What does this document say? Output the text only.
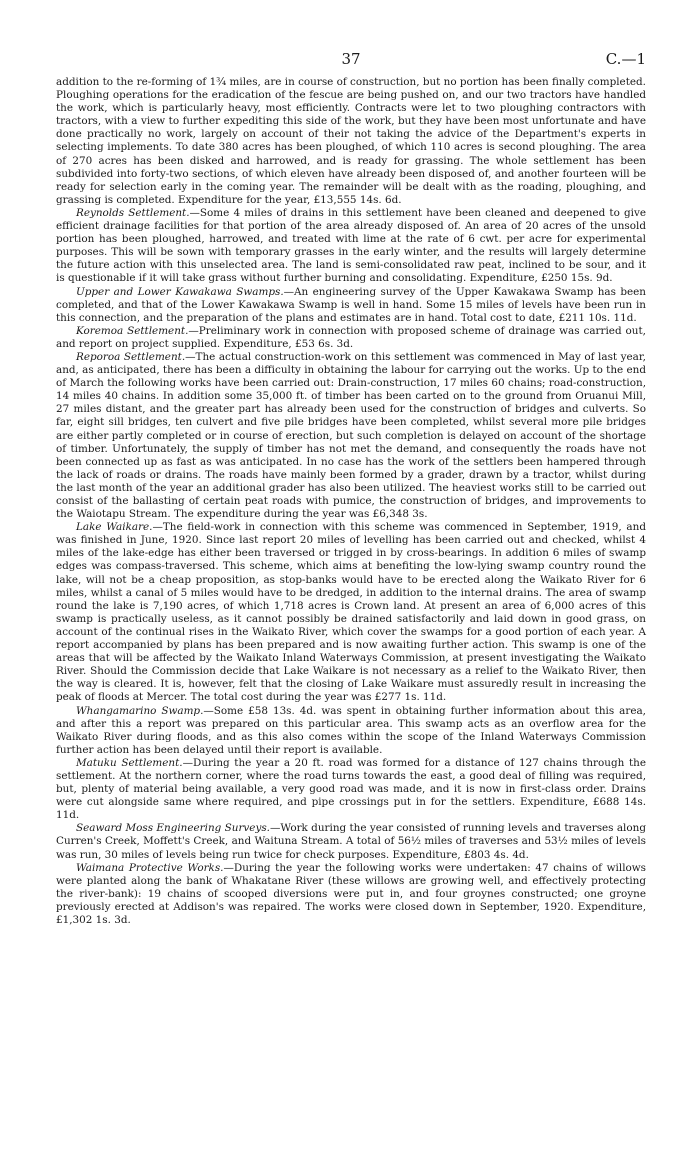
37	C.—1

addition to the re-forming of 1¾ miles, are in course of construction, but no portion has been finally completed. Ploughing operations for the eradication of the fescue are being pushed on, and our two tractors have handled the work, which is particularly heavy, most efficiently. Contracts were let to two ploughing contractors with tractors, with a view to further expediting this side of the work, but they have been most unfortunate and have done practically no work, largely on account of their not taking the advice of the Department's experts in selecting implements. To date 380 acres has been ploughed, of which 110 acres is second ploughing. The area of 270 acres has been disked and harrowed, and is ready for grassing. The whole settlement has been subdivided into forty-two sections, of which eleven have already been disposed of, and another fourteen will be ready for selection early in the coming year. The remainder will be dealt with as the roading, ploughing, and grassing is completed. Expenditure for the year, £13,555 14s. 6d.

Reynolds Settlement.—Some 4 miles of drains in this settlement have been cleaned and deepened to give efficient drainage facilities for that portion of the area already disposed of. An area of 20 acres of the unsold portion has been ploughed, harrowed, and treated with lime at the rate of 6 cwt. per acre for experimental purposes. This will be sown with temporary grasses in the early winter, and the results will largely determine the future action with this unselected area. The land is semi-consolidated raw peat, inclined to be sour, and it is questionable if it will take grass without further burning and consolidating. Expenditure, £250 15s. 9d.

Upper and Lower Kawakawa Swamps.—An engineering survey of the Upper Kawakawa Swamp has been completed, and that of the Lower Kawakawa Swamp is well in hand. Some 15 miles of levels have been run in this connection, and the preparation of the plans and estimates are in hand. Total cost to date, £211 10s. 11d.

Koremoa Settlement.—Preliminary work in connection with proposed scheme of drainage was carried out, and report on project supplied. Expenditure, £53 6s. 3d.

Reporoa Settlement.—The actual construction-work on this settlement was commenced in May of last year, and, as anticipated, there has been a difficulty in obtaining the labour for carrying out the works. Up to the end of March the following works have been carried out: Drain-construction, 17 miles 60 chains; road-construction, 14 miles 40 chains. In addition some 35,000 ft. of timber has been carted on to the ground from Oruanui Mill, 27 miles distant, and the greater part has already been used for the construction of bridges and culverts. So far, eight sill bridges, ten culvert and five pile bridges have been completed, whilst several more pile bridges are either partly completed or in course of erection, but such completion is delayed on account of the shortage of timber. Unfortunately, the supply of timber has not met the demand, and consequently the roads have not been connected up as fast as was anticipated. In no case has the work of the settlers been hampered through the lack of roads or drains. The roads have mainly been formed by a grader, drawn by a tractor, whilst during the last month of the year an additional grader has also been utilized. The heaviest works still to be carried out consist of the ballasting of certain peat roads with pumice, the construction of bridges, and improvements to the Waiotapu Stream. The expenditure during the year was £6,348 3s.

Lake Waikare.—The field-work in connection with this scheme was commenced in September, 1919, and was finished in June, 1920. Since last report 20 miles of levelling has been carried out and checked, whilst 4 miles of the lake-edge has either been traversed or trigged in by cross-bearings. In addition 6 miles of swamp edges was compass-traversed. This scheme, which aims at benefiting the low-lying swamp country round the lake, will not be a cheap proposition, as stop-banks would have to be erected along the Waikato River for 6 miles, whilst a canal of 5 miles would have to be dredged, in addition to the internal drains. The area of swamp round the lake is 7,190 acres, of which 1,718 acres is Crown land. At present an area of 6,000 acres of this swamp is practically useless, as it cannot possibly be drained satisfactorily and laid down in good grass, on account of the continual rises in the Waikato River, which cover the swamps for a good portion of each year. A report accompanied by plans has been prepared and is now awaiting further action. This swamp is one of the areas that will be affected by the Waikato Inland Waterways Commission, at present investigating the Waikato River. Should the Commission decide that Lake Waikare is not necessary as a relief to the Waikato River, then the way is cleared. It is, however, felt that the closing of Lake Waikare must assuredly result in increasing the peak of floods at Mercer. The total cost during the year was £277 1s. 11d.

Whangamarino Swamp.—Some £58 13s. 4d. was spent in obtaining further information about this area, and after this a report was prepared on this particular area. This swamp acts as an overflow area for the Waikato River during floods, and as this also comes within the scope of the Inland Waterways Commission further action has been delayed until their report is available.

Matuku Settlement.—During the year a 20 ft. road was formed for a distance of 127 chains through the settlement. At the northern corner, where the road turns towards the east, a good deal of filling was required, but, plenty of material being available, a very good road was made, and it is now in first-class order. Drains were cut alongside same where required, and pipe crossings put in for the settlers. Expenditure, £688 14s. 11d.

Seaward Moss Engineering Surveys.—Work during the year consisted of running levels and traverses along Curren's Creek, Moffett's Creek, and Waituna Stream. A total of 56½ miles of traverses and 53½ miles of levels was run, 30 miles of levels being run twice for check purposes. Expenditure, £803 4s. 4d.

Waimana Protective Works.—During the year the following works were undertaken: 47 chains of willows were planted along the bank of Whakatane River (these willows are growing well, and effectively protecting the river-bank): 19 chains of scooped diversions were put in, and four groynes constructed; one groyne previously erected at Addison's was repaired. The works were closed down in September, 1920. Expenditure, £1,302 1s. 3d.
